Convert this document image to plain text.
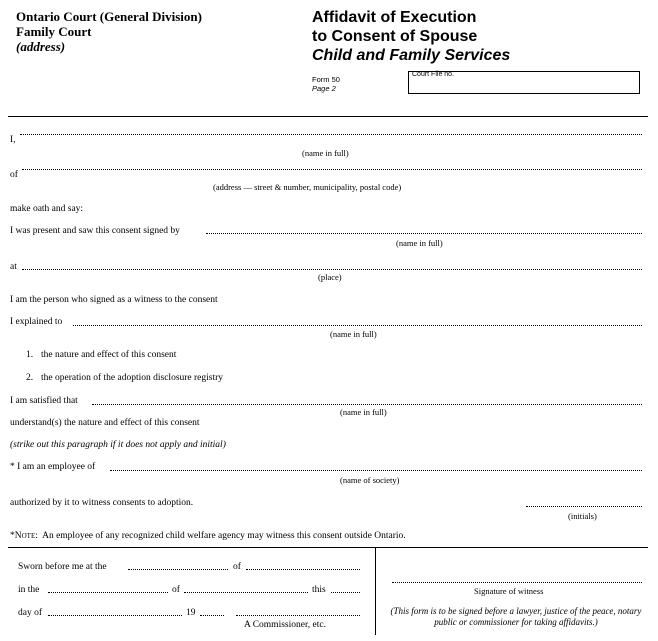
Ontario Court (General Division)
Family Court
(address)
Affidavit of Execution
to Consent of Spouse
Child and Family Services
Form 50
Page 2
Court File no.
I,
(name in full)
of
(address — street & number, municipality, postal code)
make oath and say:
I was present and saw this consent signed by
(name in full)
at
(place)
I am the person who signed as a witness to the consent
I explained to
(name in full)
1. the nature and effect of this consent
2. the operation of the adoption disclosure registry
I am satisfied that
(name in full)
understand(s) the nature and effect of this consent
(strike out this paragraph if it does not apply and initial)
* I am an employee of
(name of society)
authorized by it to witness consents to adoption.
(initials)
*Note: An employee of any recognized child welfare agency may witness this consent outside Ontario.
Sworn before me at the	of
in the	of	this
day of	19
A Commissioner, etc.
Signature of witness
(This form is to be signed before a lawyer, justice of the peace, notary public or commissioner for taking affidavits.)
